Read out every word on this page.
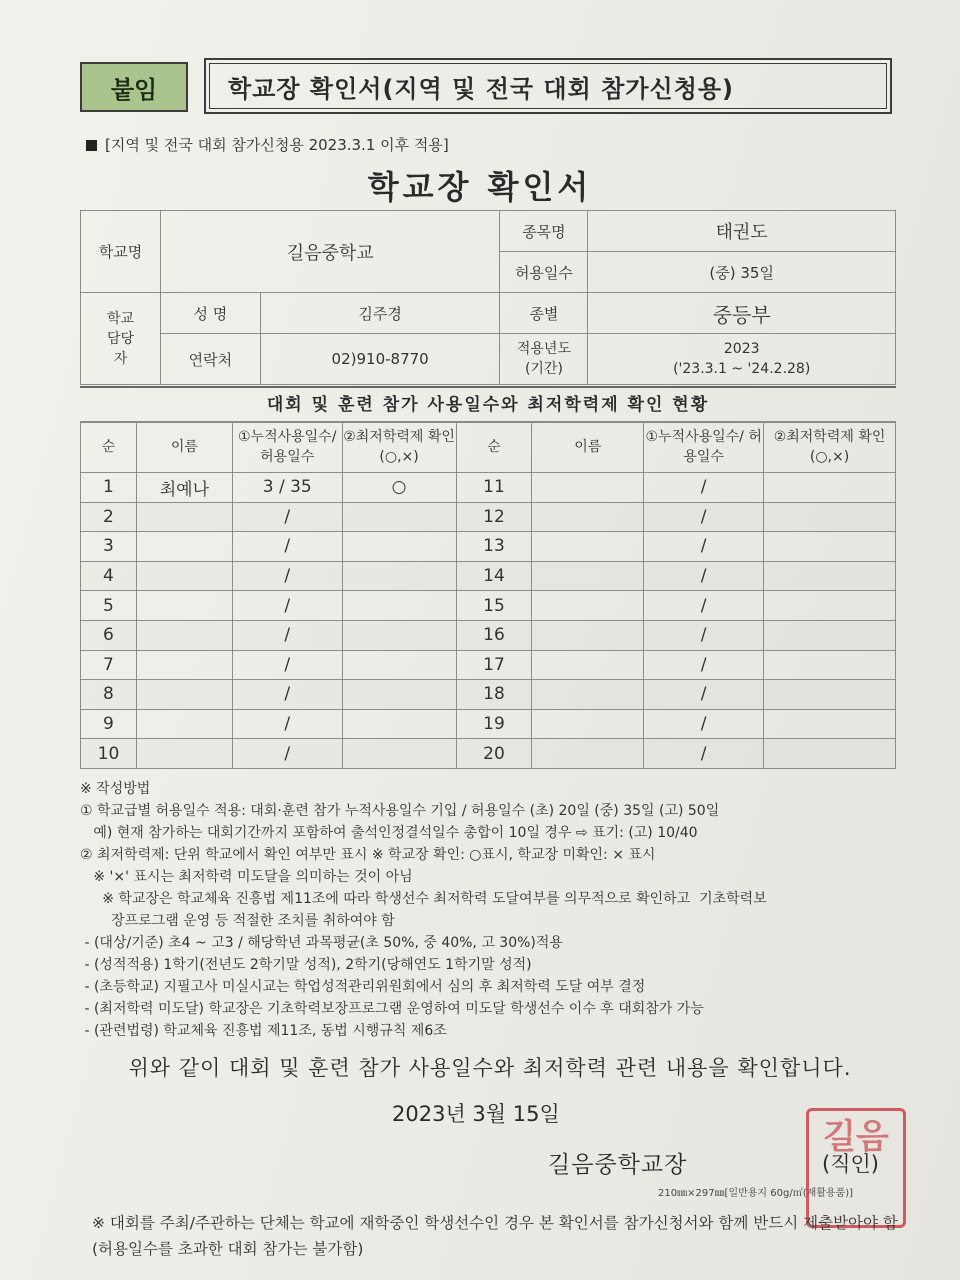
붙임	학교장 확인서(지역 및 전국 대회 참가신청용)
[지역 및 전국 대회 참가신청용 2023.3.1 이후 적용]
학교장 확인서
학교명	길음중학교		종목명	태권도
			허용일수	(중) 35일
학교 담당자	성 명	김주경	종별	중등부
	연락처	02)910-8770	적용년도 (기간)	2023
('23.3.1 ~ '24.2.28)
대회 및 훈련 참가 사용일수와 최저학력제 확인 현황
순	이름	①누적사용일수/ 허용일수	②최저학력제 확인(○,×)	순	이름	①누적사용일수/ 허용일수	②최저학력제 확인(○,×)
1	최예나	3 / 35	○	11		/	
2		/		12		/	
3		/		13		/	
4		/		14		/	
5		/		15		/	
6		/		16		/	
7		/		17		/	
8		/		18		/	
9		/		19		/	
10		/		20		/	
※ 작성방법
① 학교급별 허용일수 적용: 대회·훈련 참가 누적사용일수 기입 / 허용일수 (초) 20일 (중) 35일 (고) 50일
예) 현재 참가하는 대회기간까지 포함하여 출석인정결석일수 총합이 10일 경우 ⇨ 표기: (고) 10/40
② 최저학력제: 단위 학교에서 확인 여부만 표시 ※ 학교장 확인: ○표시, 학교장 미확인: × 표시
※ '×' 표시는 최저학력 미도달을 의미하는 것이 아님
※ 학교장은 학교체육 진흥법 제11조에 따라 학생선수 최저학력 도달여부를 의무적으로 확인하고  기초학력보
장프로그램 운영 등 적절한 조치를 취하여야 함
- (대상/기준) 초4 ~ 고3 / 해당학년 과목평균(초 50%, 중 40%, 고 30%)적용
- (성적적용) 1학기(전년도 2학기말 성적), 2학기(당해연도 1학기말 성적)
- (초등학교) 지필고사 미실시교는 학업성적관리위원회에서 심의 후 최저학력 도달 여부 결정
- (최저학력 미도달) 학교장은 기초학력보장프로그램 운영하여 미도달 학생선수 이수 후 대회참가 가능
- (관련법령) 학교체육 진흥법 제11조, 동법 시행규칙 제6조
위와 같이 대회 및 훈련 참가 사용일수와 최저학력 관련 내용을 확인합니다.
2023년 3월 15일
길음중학교장
길음
(직인)
210㎜×297㎜[일반용지 60g/㎡(재활용품)]
※ 대회를 주최/주관하는 단체는 학교에 재학중인 학생선수인 경우 본 확인서를 참가신청서와 함께 반드시 제출받아야 함(허용일수를 초과한 대회 참가는 불가함)
